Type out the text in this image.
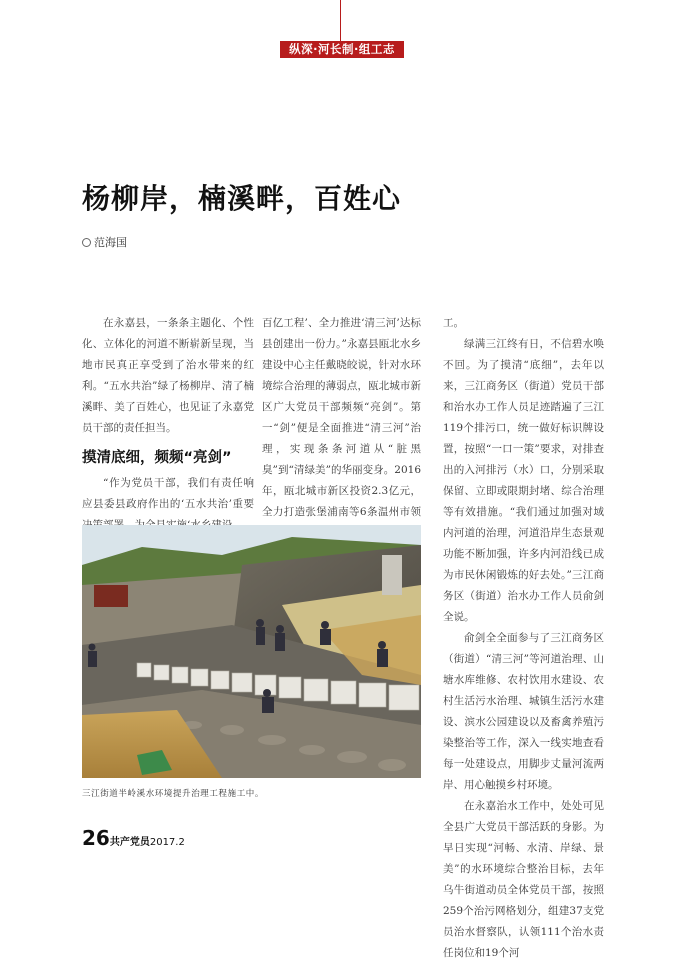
纵深·河长制·组工志
杨柳岸，楠溪畔，百姓心
范海国

在永嘉县，一条条主题化、个性化、立体化的河道不断崭新呈现，当地市民真正享受到了治水带来的红利。“五水共治”绿了杨柳岸、清了楠溪畔、美了百姓心，也见证了永嘉党员干部的责任担当。

摸清底细，频频“亮剑”

“作为党员干部，我们有责任响应县委县政府作出的‘五水共治’重要

百亿工程’、全力推进‘清三河’达标县创建出一份力。”永嘉县瓯北水乡建设中心主任戴晓皎说，针对水环境综合治理的薄弱点，瓯北城市新区广大党员干部频频“亮剑”。第一“剑”便是全面推进“清三河”治理，实现条条河道从“脏黑臭”到“清绿美”的华丽变身。2016年，瓯北城市新区投资2.3亿元，全力打造张堡浦南等6条温州市领

工。

绿满三江终有日，不信碧水唤不回。为了摸清“底细”，去年以来，三江商务区（街道）党员干部和治水办工作人员足迹踏遍了三江119个排污口，统一做好标识牌设置，按照“一口一策”要求，对排查出的入河排污（水）口，分别采取保留、立即或限期封堵、综合治理等有效措施。“我们通过加强对域内河道的治理，河道沿岸生态景观功能不断加强，许多内河沿线已成为市民休闲锻炼的好去处。”三江商务区（街道）治水办工作人员俞剑全说。

俞剑全全面参与了三江商务区（街道）“清三河”等河道治理、山塘水库维修、农村饮用水建设、农村生活污水治理、城镇生活污水建设、滨水公园建设以及畜禽养殖污染整治等工作，深入一线实地查看每一处建设点，用脚步丈量河流两岸、用心触摸乡村环境。

在永嘉治水工作中，处处可见全县广大党员干部活跃的身影。为早日实现“河畅、水清、岸绿、景美”的水环境综合整治目标，去年乌牛街道动员全体党员干部，按照259个治污网格划分，组建37支党员治水督察队，认领111个治水责任岗位和19个河

三江街道半岭溪水环境提升治理工程施工中。
26共产党员2017.2
